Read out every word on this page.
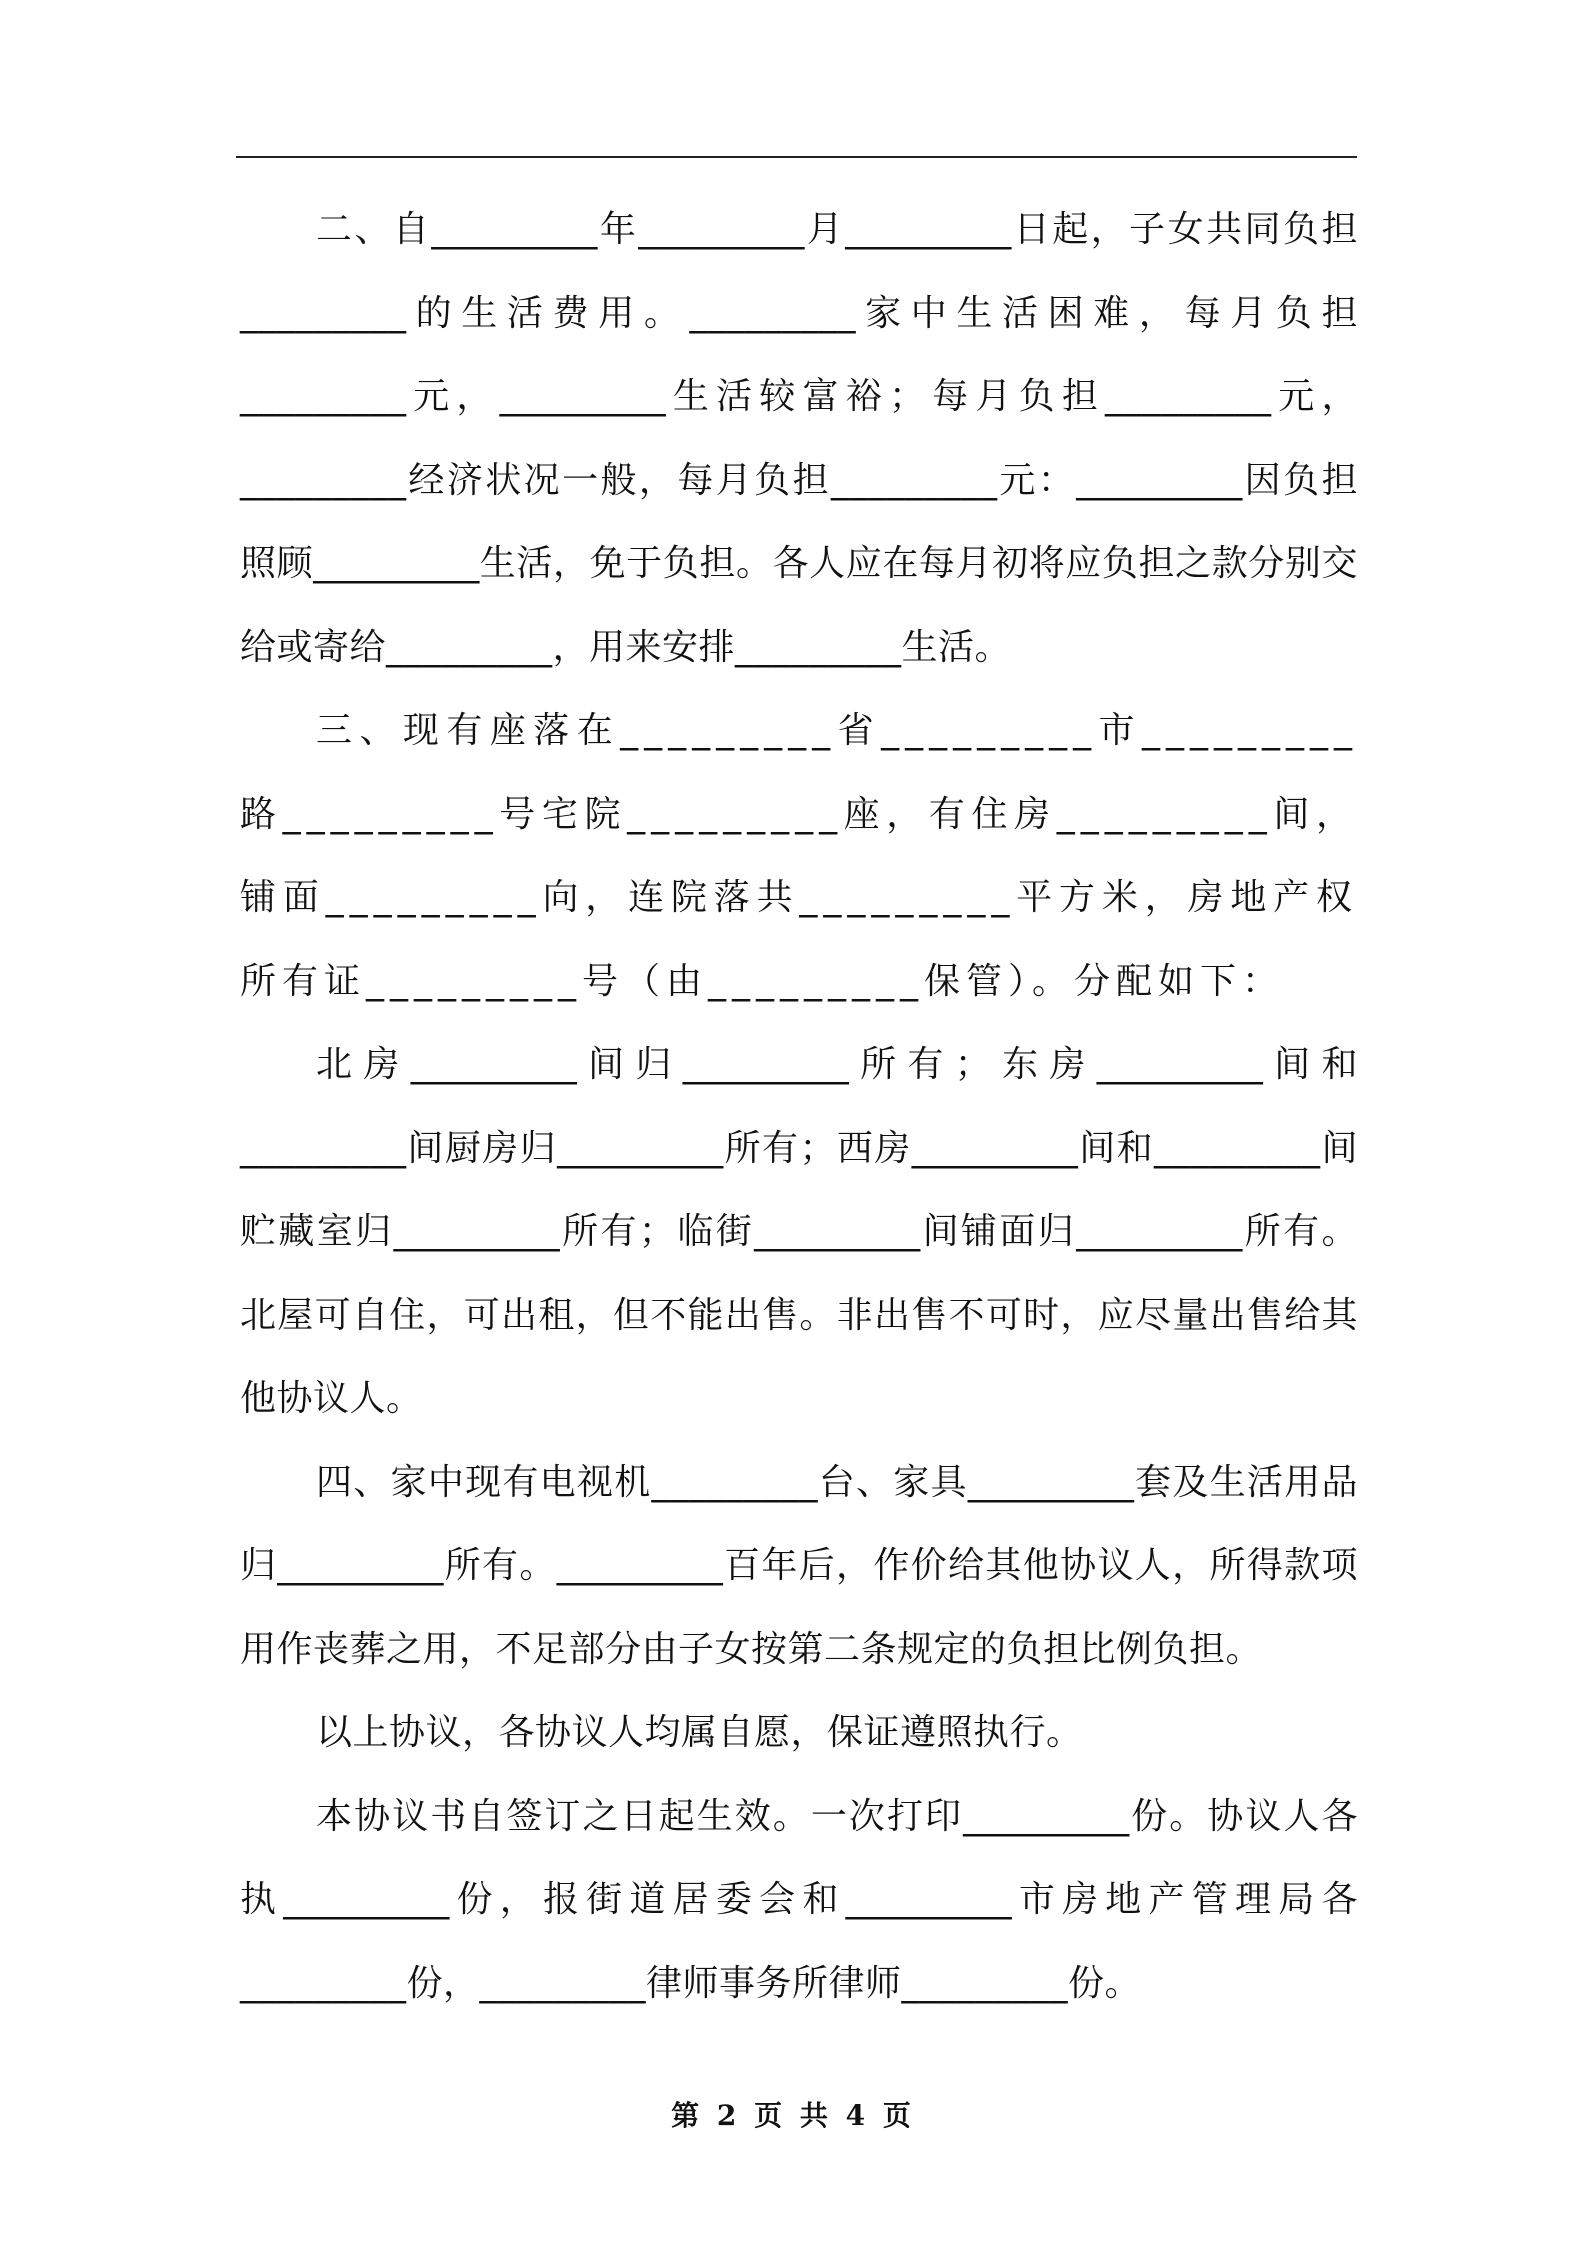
二、自_________年_________月_________日起，子女共同负担_________的生活费用。_________家中生活困难，每月负担_________元，_________生活较富裕；每月负担_________元，_________经济状况一般，每月负担_________元：_________因负担照顾_________生活，免于负担。各人应在每月初将应负担之款分别交给或寄给_________，用来安排_________生活。

三、现有座落在_________省_________市_________路_________号宅院_________座，有住房_________间，铺面_________向，连院落共_________平方米，房地产权所有证_________号（由_________保管）。分配如下：

北房_________间归_________所有；东房_________间和_________间厨房归_________所有；西房_________间和_________间贮藏室归_________所有；临街_________间铺面归_________所有。北屋可自住，可出租，但不能出售。非出售不可时，应尽量出售给其他协议人。

四、家中现有电视机_________台、家具_________套及生活用品归_________所有。_________百年后，作价给其他协议人，所得款项用作丧葬之用，不足部分由子女按第二条规定的负担比例负担。

以上协议，各协议人均属自愿，保证遵照执行。

本协议书自签订之日起生效。一次打印_________份。协议人各执_________份，报街道居委会和_________市房地产管理局各_________份，_________律师事务所律师_________份。

第 2 页 共 4 页
